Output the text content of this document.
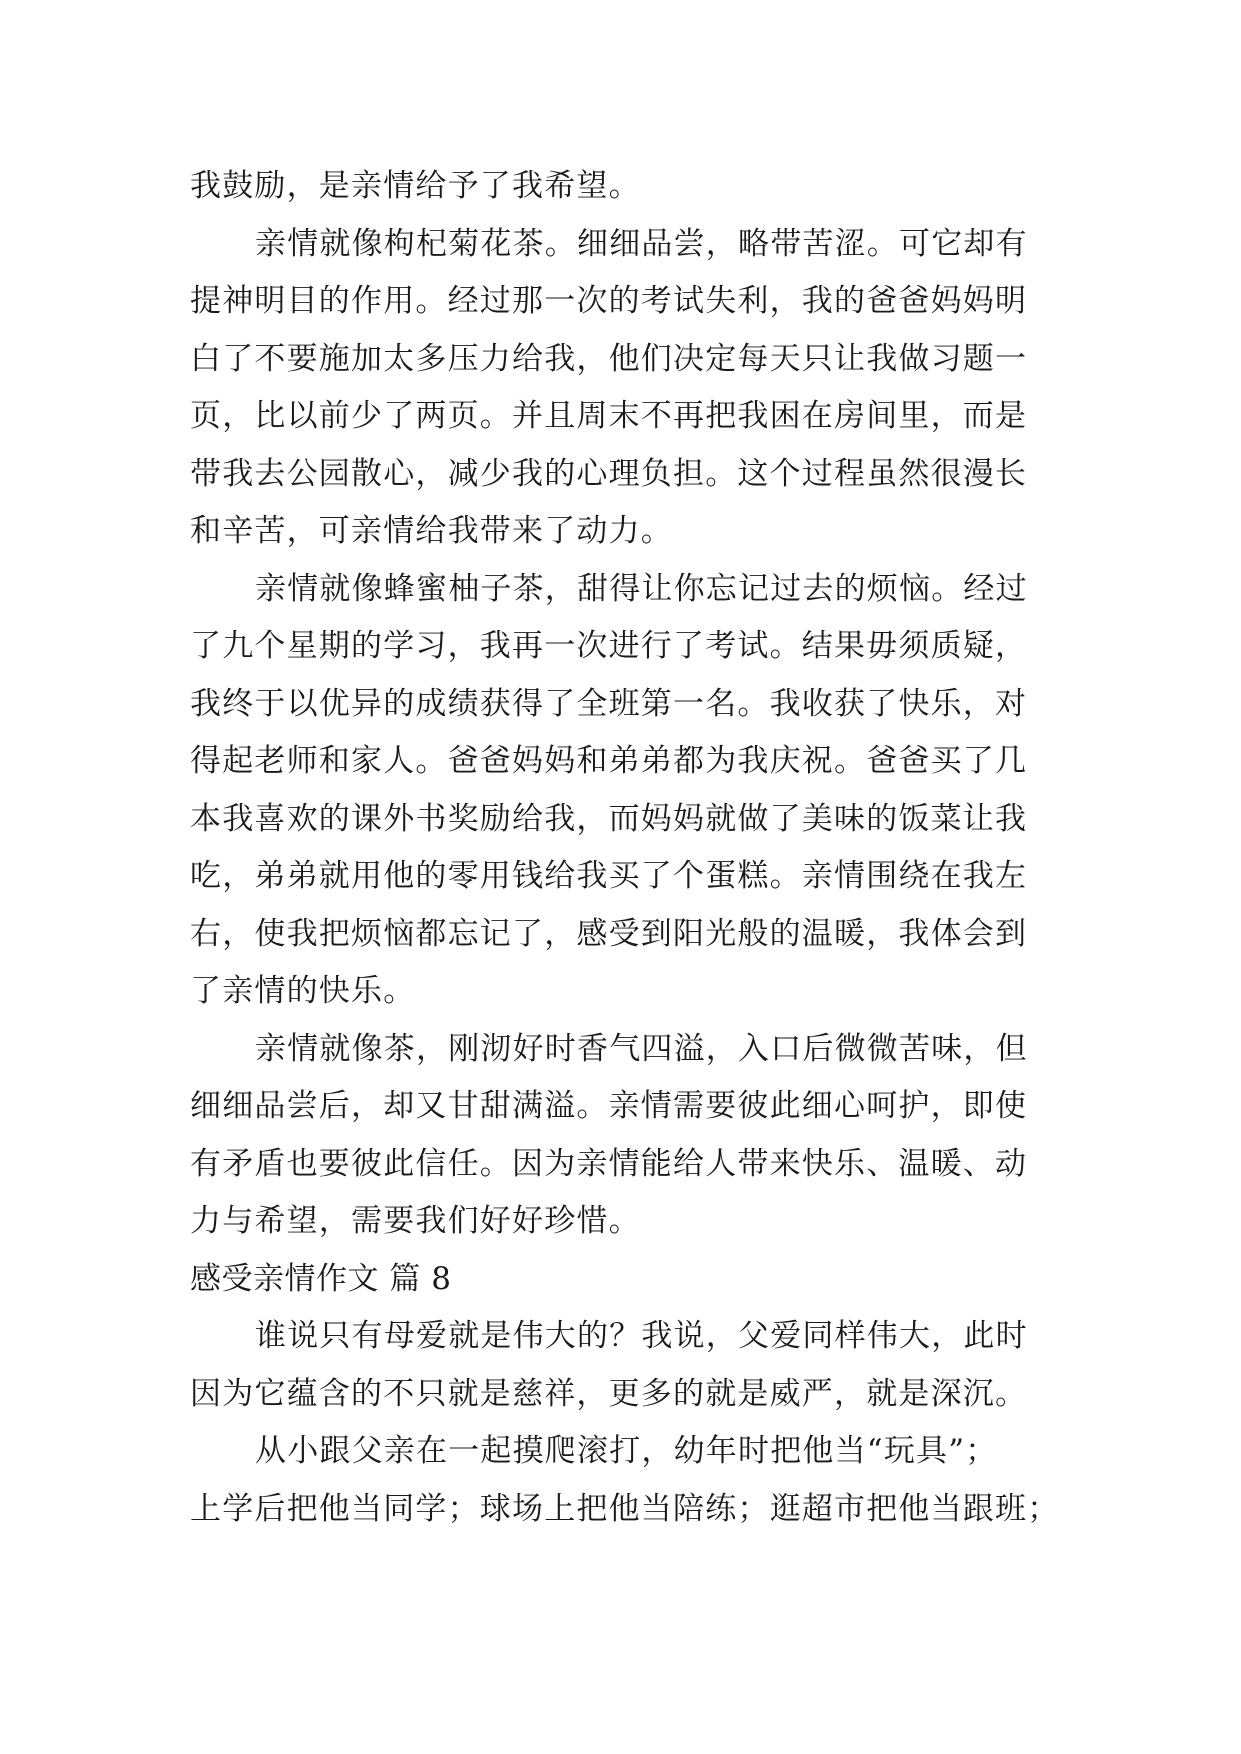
我鼓励，是亲情给予了我希望。
亲情就像枸杞菊花茶。细细品尝，略带苦涩。可它却有
提神明目的作用。经过那一次的考试失利，我的爸爸妈妈明
白了不要施加太多压力给我，他们决定每天只让我做习题一
页，比以前少了两页。并且周末不再把我困在房间里，而是
带我去公园散心，减少我的心理负担。这个过程虽然很漫长
和辛苦，可亲情给我带来了动力。
亲情就像蜂蜜柚子茶，甜得让你忘记过去的烦恼。经过
了九个星期的学习，我再一次进行了考试。结果毋须质疑，
我终于以优异的成绩获得了全班第一名。我收获了快乐，对
得起老师和家人。爸爸妈妈和弟弟都为我庆祝。爸爸买了几
本我喜欢的课外书奖励给我，而妈妈就做了美味的饭菜让我
吃，弟弟就用他的零用钱给我买了个蛋糕。亲情围绕在我左
右，使我把烦恼都忘记了，感受到阳光般的温暖，我体会到
了亲情的快乐。
亲情就像茶，刚沏好时香气四溢，入口后微微苦味，但
细细品尝后，却又甘甜满溢。亲情需要彼此细心呵护，即使
有矛盾也要彼此信任。因为亲情能给人带来快乐、温暖、动
力与希望，需要我们好好珍惜。
感受亲情作文 篇 8
谁说只有母爱就是伟大的？我说，父爱同样伟大，此时
因为它蕴含的不只就是慈祥，更多的就是威严，就是深沉。
从小跟父亲在一起摸爬滚打，幼年时把他当“玩具”；
上学后把他当同学；球场上把他当陪练；逛超市把他当跟班；
